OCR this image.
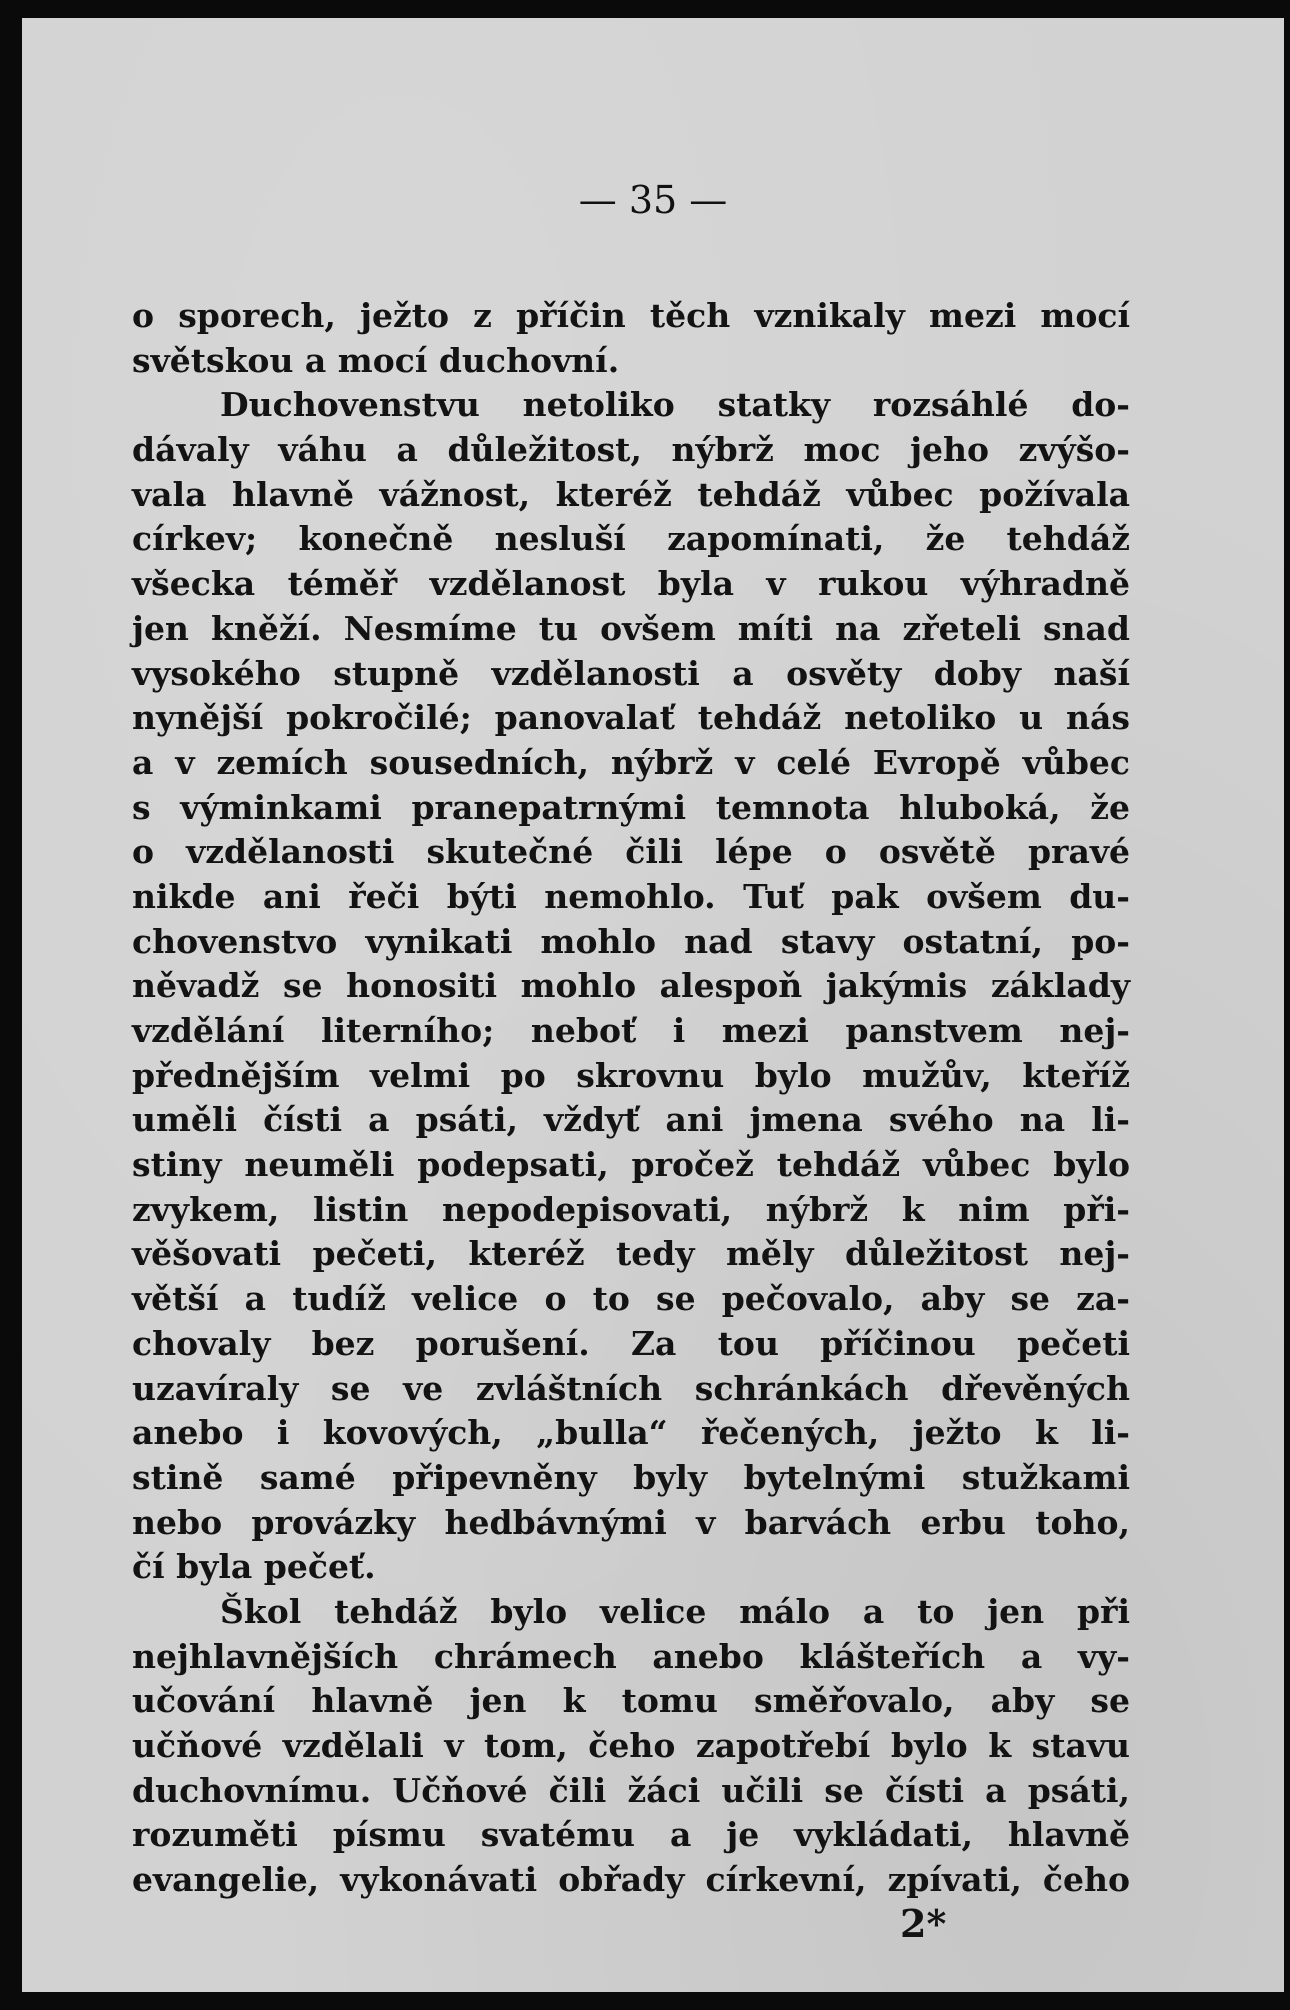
— 35 —
o sporech, ježto z příčin těch vznikaly mezi mocí
světskou a mocí duchovní.
Duchovenstvu netoliko statky rozsáhlé do-
dávaly váhu a důležitost, nýbrž moc jeho zvýšo-
vala hlavně vážnost, kteréž tehdáž vůbec požívala
církev; konečně nesluší zapomínati, že tehdáž
všecka téměř vzdělanost byla v rukou výhradně
jen kněží. Nesmíme tu ovšem míti na zřeteli snad
vysokého stupně vzdělanosti a osvěty doby naší
nynější pokročilé; panovalať tehdáž netoliko u nás
a v zemích sousedních, nýbrž v celé Evropě vůbec
s výminkami pranepatrnými temnota hluboká, že
o vzdělanosti skutečné čili lépe o osvětě pravé
nikde ani řeči býti nemohlo. Tuť pak ovšem du-
chovenstvo vynikati mohlo nad stavy ostatní, po-
něvadž se honositi mohlo alespoň jakýmis základy
vzdělání literního; neboť i mezi panstvem nej-
přednějším velmi po skrovnu bylo mužův, kteříž
uměli čísti a psáti, vždyť ani jmena svého na li-
stiny neuměli podepsati, pročež tehdáž vůbec bylo
zvykem, listin nepodepisovati, nýbrž k nim při-
věšovati pečeti, kteréž tedy měly důležitost nej-
větší a tudíž velice o to se pečovalo, aby se za-
chovaly bez porušení. Za tou příčinou pečeti
uzavíraly se ve zvláštních schránkách dřevěných
anebo i kovových, „bulla“ řečených, ježto k li-
stině samé připevněny byly bytelnými stužkami
nebo provázky hedbávnými v barvách erbu toho,
čí byla pečeť.
Škol tehdáž bylo velice málo a to jen při
nejhlavnějších chrámech anebo klášteřích a vy-
učování hlavně jen k tomu směřovalo, aby se
učňové vzdělali v tom, čeho zapotřebí bylo k stavu
duchovnímu. Učňové čili žáci učili se čísti a psáti,
rozuměti písmu svatému a je vykládati, hlavně
evangelie, vykonávati obřady církevní, zpívati, čeho
2*
